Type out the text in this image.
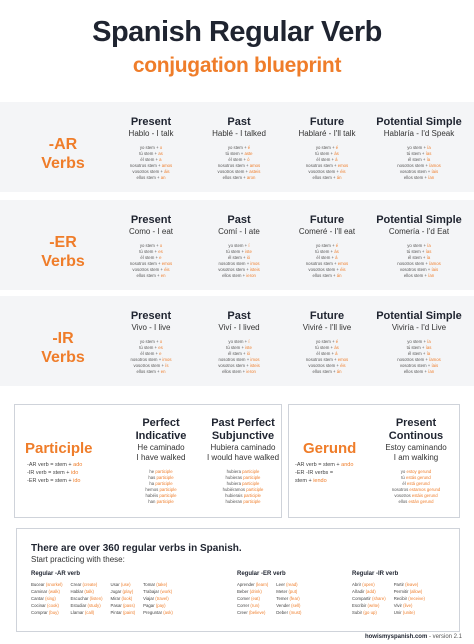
Spanish Regular Verb
conjugation blueprint
-AR
Verbs
Present
Hablo - I talk
yo stem + o
tú stem + as
él stem + a
nosotros stem + amos
vosotros stem + áis
ellos stem + an
Past
Hablé - I talked
yo stem + é
tú stem + aste
él stem + ó
nosotros stem + amos
vosotros stem + asteis
ellos stem + aron
Future
Hablaré - I'll talk
yo stem + é
tú stem + ás
él stem + á
nosotros stem + emos
vosotros stem + éis
ellos stem + án
Potential Simple
Hablaría - I'd Speak
yo stem + ía
tú stem + ías
él stem + ía
nosotros stem + íamos
vosotros stem + íais
ellos stem + ían
-ER
Verbs
Present
Como - I eat
yo stem + o
tú stem + es
él stem + e
nosotros stem + emos
vosotros stem + éis
ellos stem + en
Past
Comí - I ate
yo stem + í
tú stem + iste
él stem + ió
nosotros stem + imos
vosotros stem + isteis
ellos stem + ieron
Future
Comeré - I'll eat
yo stem + é
tú stem + ás
él stem + á
nosotros stem + emos
vosotros stem + éis
ellos stem + án
Potential Simple
Comería - I'd Eat
yo stem + ía
tú stem + ías
él stem + ía
nosotros stem + íamos
vosotros stem + íais
ellos stem + ían
-IR
Verbs
Present
Vivo - I live
yo stem + o
tú stem + es
él stem + e
nosotros stem + imos
vosotros stem + ís
ellos stem + en
Past
Viví - I lived
yo stem + í
tú stem + iste
él stem + ió
nosotros stem + imos
vosotros stem + isteis
ellos stem + ieron
Future
Viviré - I'll live
yo stem + é
tú stem + ás
él stem + á
nosotros stem + emos
vosotros stem + éis
ellos stem + án
Potential Simple
Viviría - I'd Live
yo stem + ía
tú stem + ías
él stem + ía
nosotros stem + íamos
vosotros stem + íais
ellos stem + ían
Participle
-AR verb = stem + ado
-IR verb = stem + ido
-ER verb = stem + ido
Perfect
Indicative
He caminado
I have walked
he participle
has participle
ha participle
hemos participle
habéis participle
han participle
Past Perfect
Subjunctive
Hubiera caminado
I would have walked
hubiera participle
hubieras participle
hubiera participle
hubiéramos participle
hubierais participle
hubieran participle
Gerund
-AR verb = stem + ando
-ER -IR verbs =
stem + iendo
Present
Continous
Estoy caminando
I am walking
yo estoy gerund
tú estás gerund
él está gerund
nosotros estamos gerund
vosotros estáis gerund
ellos están gerund
There are over 360 regular verbs in Spanish.
Start practicing with these:
Regular -AR verb
Bucear (snorkel)
Caminar (walk)
Cantar (sing)
Cocinar (cook)
Comprar (buy)
Crear (create)
Hablar (talk)
Escuchar (listen)
Estudiar (study)
Llamar (call)
Usar (use)
Jugar (play)
Mirar (look)
Pasar (pass)
Pintar (paint)
Tomar (take)
Trabajar (work)
Viajar (travel)
Pagar (pay)
Preguntar (ask)
Regular -ER verb
Aprender (learn)
Beber (drink)
Comer (eat)
Correr (run)
Creer (believe)
Leer (read)
Meter (put)
Temer (fear)
Vender (sell)
Deber (must)
Regular -IR verb
Abrir (open)
Añadir (add)
Compartir (share)
Escribir (write)
Subir (go up)
Partir (leave)
Permitir (allow)
Recibir (receive)
Vivir (live)
Unir (unite)
howismyspanish.com - version 2.1
